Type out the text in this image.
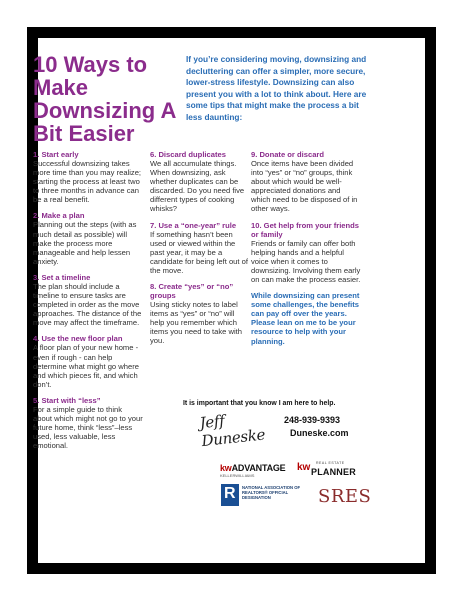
10 Ways to Make Downsizing A Bit Easier

If you’re considering moving, downsizing and decluttering can offer a simpler, more secure, lower-stress lifestyle. Downsizing can also present you with a lot to think about. Here are some tips that might make the process a bit less daunting:

1. Start early

Successful downsizing takes more time than you may realize; starting the process at least two to three months in advance can be a real benefit.

2. Make a plan

Planning out the steps (with as much detail as possible) will make the process more manageable and help lessen anxiety.

3. Set a timeline

The plan should include a timeline to ensure tasks are completed in order as the move approaches. The distance of the move may affect the timeframe.

4. Use the new floor plan

A floor plan of your new home - even if rough - can help determine what might go where and which pieces fit, and which don’t.

5. Start with “less”

For a simple guide to think about which might not go to your future home, think “less”–less used, less valuable, less emotional.

6. Discard duplicates

We all accumulate things. When downsizing, ask whether duplicates can be discarded. Do you need five different types of cooking whisks?

7. Use a “one-year” rule

If something hasn’t been used or viewed within the past year, it may be a candidate for being left out of the move.

8. Create “yes” or “no” groups

Using sticky notes to label items as “yes” or “no” will help you remember which items you need to take with you.

9. Donate or discard

Once items have been divided into “yes” or “no” groups, think about which would be well-appreciated donations and which need to be disposed of in other ways.

10. Get help from your friends or family

Friends or family can offer both helping hands and a helpful voice when it comes to downsizing. Involving them early on can make the process easier.

While downsizing can present some challenges, the benefits can pay off over the years. Please lean on me to be your resource to help with your planning.

It is important that you know I am here to help.

Jeff Duneske

248-939-9393

Duneske.com

kwADVANTAGE
KELLERWILLIAMS
kw REAL ESTATE
PLANNER
R NATIONAL ASSOCIATION OF REALTORS® OFFICIAL DESIGNATION	SRES
